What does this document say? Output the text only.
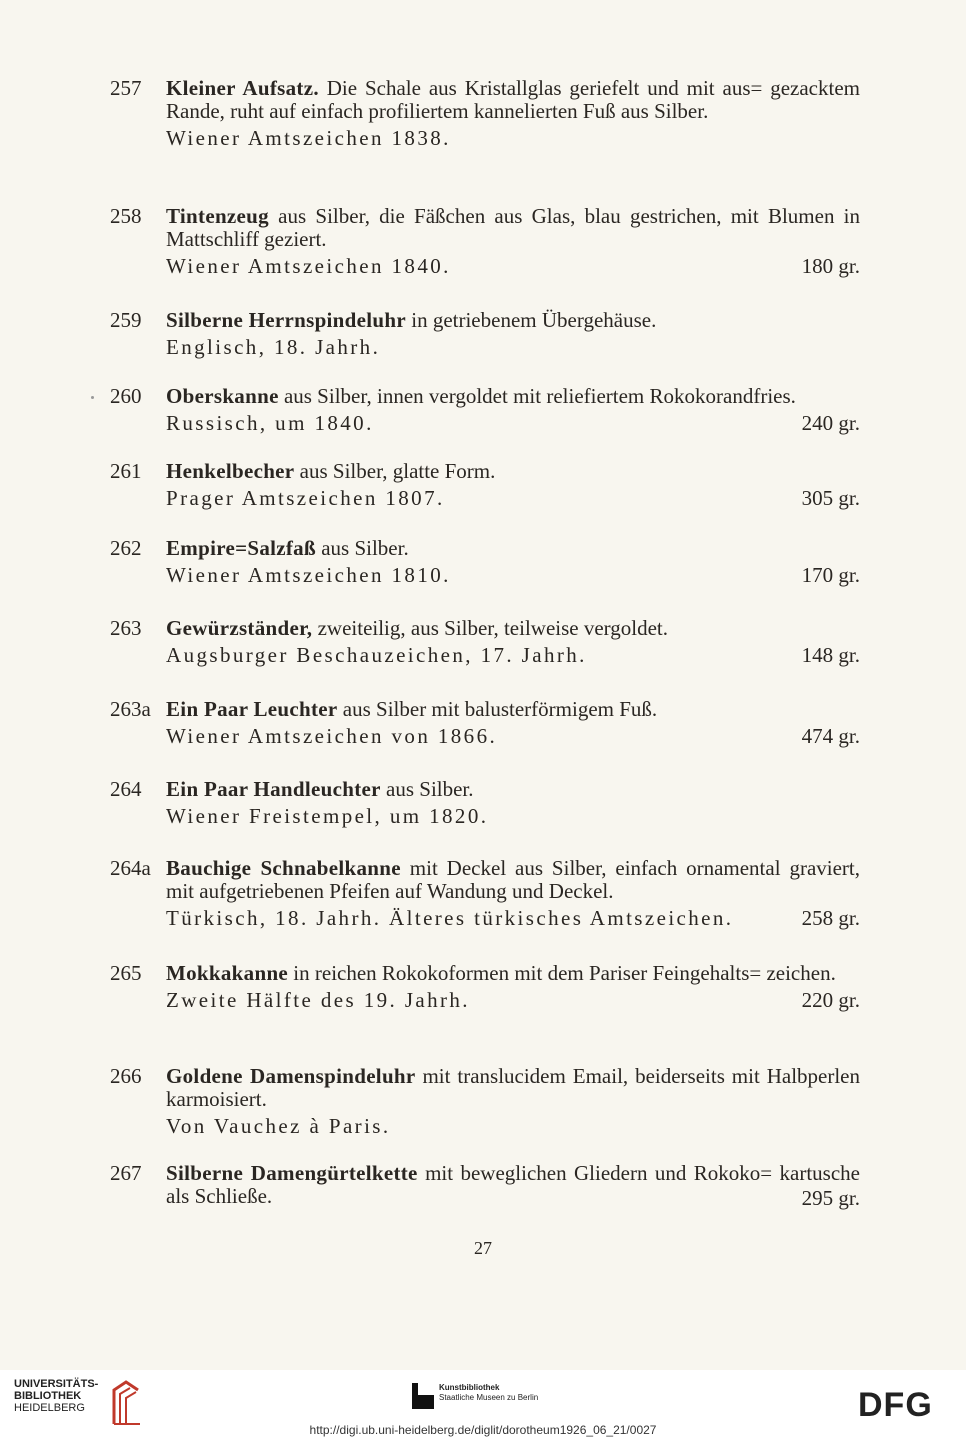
257	Kleiner Aufsatz. Die Schale aus Kristallglas geriefelt und mit aus= gezacktem Rande, ruht auf einfach profiliertem kannelierten Fuß aus Silber.
Wiener Amtszeichen 1838.
258	Tintenzeug aus Silber, die Fäßchen aus Glas, blau gestrichen, mit Blumen in Mattschliff geziert.
Wiener Amtszeichen 1840.	180 gr.
259	Silberne Herrnspindeluhr in getriebenem Übergehäuse.
Englisch, 18. Jahrh.
260	Oberskanne aus Silber, innen vergoldet mit reliefiertem Rokokorandfries.
Russisch, um 1840.	240 gr.
261	Henkelbecher aus Silber, glatte Form.
Prager Amtszeichen 1807.	305 gr.
262	Empire=Salzfaß aus Silber.
Wiener Amtszeichen 1810.	170 gr.
263	Gewürzständer, zweiteilig, aus Silber, teilweise vergoldet.
Augsburger Beschauzeichen, 17. Jahrh.	148 gr.
263a Ein Paar Leuchter aus Silber mit balusterförmigem Fuß.
Wiener Amtszeichen von 1866.	474 gr.
264	Ein Paar Handleuchter aus Silber.
Wiener Freistempel, um 1820.
264a Bauchige Schnabelkanne mit Deckel aus Silber, einfach ornamental graviert, mit aufgetriebenen Pfeifen auf Wandung und Deckel.
Türkisch, 18. Jahrh. Älteres türkisches Amtszeichen.	258 gr.
265	Mokkakanne in reichen Rokokoformen mit dem Pariser Feingehalts= zeichen.
Zweite Hälfte des 19. Jahrh.	220 gr.
266	Goldene Damenspindeluhr mit translucidem Email, beiderseits mit Halbperlen karmoisiert.
Von Vauchez à Paris.
267	Silberne Damengürtelkette mit beweglichen Gliedern und Rokoko= kartusche als Schließe.	295 gr.
27
UNIVERSITÄTS-
BIBLIOTHEK
HEIDELBERG
Kunstbibliothek
Staatliche Museen zu Berlin	DFG
http://digi.ub.uni-heidelberg.de/diglit/dorotheum1926_06_21/0027
